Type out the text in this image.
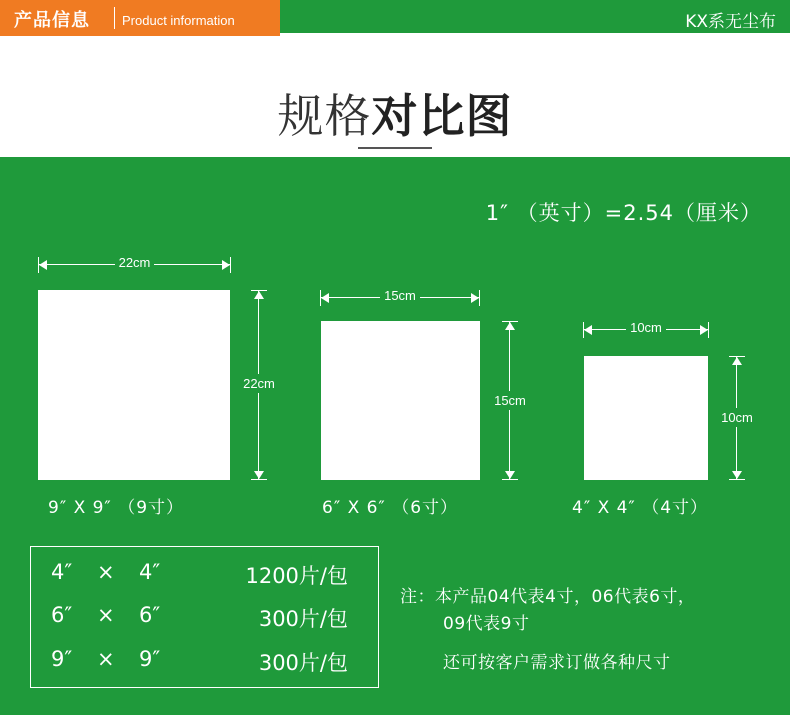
产品信息 Product information	KX系无尘布
规格对比图
1″ （英寸）=2.54（厘米）
22cm
22cm
9″ X 9″ （9寸）
15cm
15cm
6″ X 6″ （6寸）
10cm
10cm
4″ X 4″ （4寸）
4″ × 4″	1200片/包
6″ × 6″	300片/包
9″ × 9″	300片/包
注：本产品04代表4寸，06代表6寸，
09代表9寸
还可按客户需求订做各种尺寸
